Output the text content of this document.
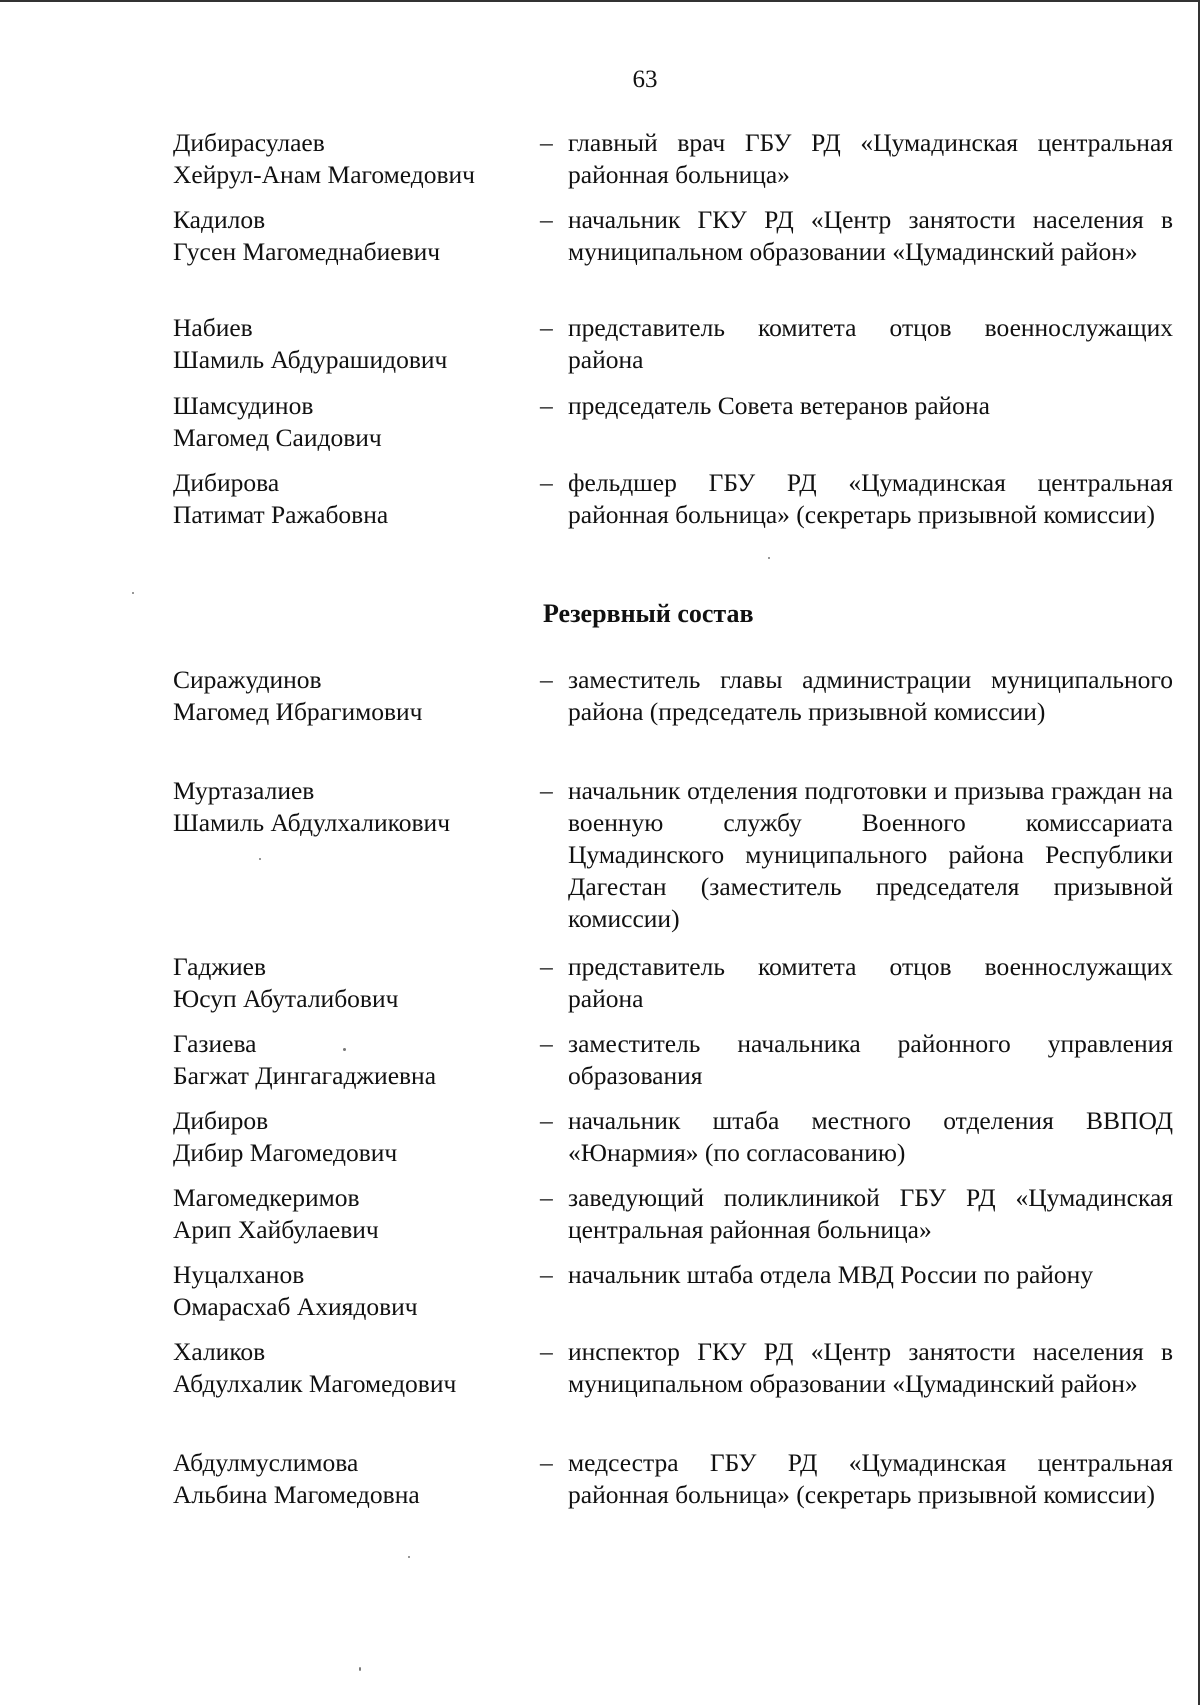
63
Дибирасулаев
Хейрул-Анам Магомедович
– главный врач ГБУ РД «Цумадинская центральная районная больница»
Кадилов
Гусен Магомеднабиевич
– начальник ГКУ РД «Центр занятости населения в муниципальном образовании «Цумадинский район»
Набиев
Шамиль Абдурашидович
– представитель комитета отцов военнослужащих района
Шамсудинов
Магомед Саидович
– председатель Совета ветеранов района
Дибирова
Патимат Ражабовна
– фельдшер ГБУ РД «Цумадинская центральная районная больница» (секретарь призывной комиссии)
Резервный состав
Сиражудинов
Магомед Ибрагимович
– заместитель главы администрации муниципального района (председатель призывной комиссии)
Муртазалиев
Шамиль Абдулхаликович
– начальник отделения подготовки и призыва граждан на военную службу Военного комиссариата Цумадинского муниципального района Республики Дагестан (заместитель председателя призывной комиссии)
Гаджиев
Юсуп Абуталибович
– представитель комитета отцов военнослужащих района
Газиева
Багжат Дингагаджиевна
– заместитель начальника районного управления образования
Дибиров
Дибир Магомедович
– начальник штаба местного отделения ВВПОД «Юнармия» (по согласованию)
Магомедкеримов
Арип Хайбулаевич
– заведующий поликлиникой ГБУ РД «Цумадинская центральная районная больница»
Нуцалханов
Омарасхаб Ахиядович
– начальник штаба отдела МВД России по району
Халиков
Абдулхалик Магомедович
– инспектор ГКУ РД «Центр занятости населения в муниципальном образовании «Цумадинский район»
Абдулмуслимова
Альбина Магомедовна
– медсестра ГБУ РД «Цумадинская центральная районная больница» (секретарь призывной комиссии)
